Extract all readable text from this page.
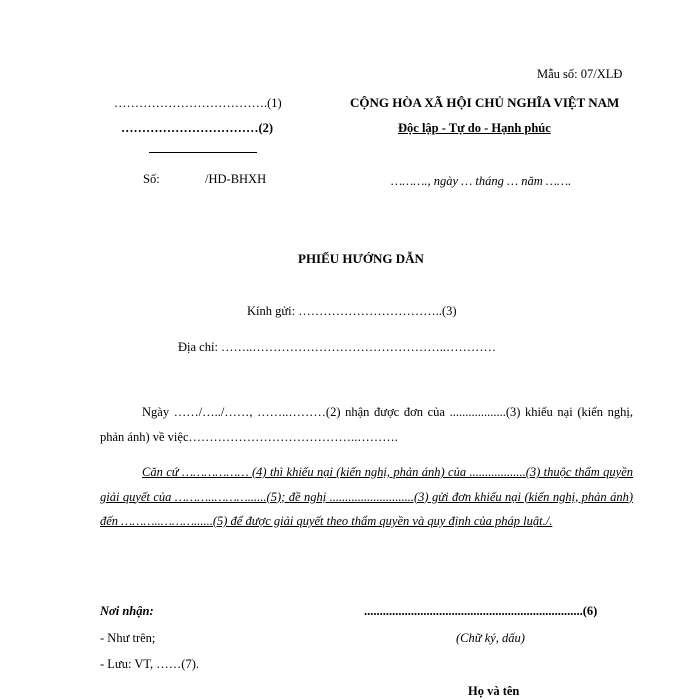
Mẫu số: 07/XLĐ
……………………………….(1)
……………………………(2)
Số:	/HD-BHXH
CỘNG HÒA XÃ HỘI CHỦ NGHĨA VIỆT NAM
Độc lập - Tự do - Hạnh phúc
………., ngày … tháng … năm …….
PHIẾU HƯỚNG DẪN
Kính gửi: ……………………………..(3)
Địa chỉ: ……..………………………………………..…………
Ngày ……/…../……, ……..………(2) nhận được đơn của ..................(3) khiếu nại (kiến nghị, phản ánh) về việc…………………………………..……….
Căn cứ ……………… (4) thì khiếu nại (kiến nghị, phản ánh) của ..................(3) thuộc thẩm quyền giải quyết của ………..………......(5); đề nghị ...........................(3) gửi đơn khiếu nại (kiến nghị, phản ánh) đến ………..………......(5) để được giải quyết theo thẩm quyền và quy định của pháp luật./.
Nơi nhận:
- Như trên;
- Lưu: VT, ……(7).
......................................................................(6)
(Chữ ký, dấu)
Họ và tên
